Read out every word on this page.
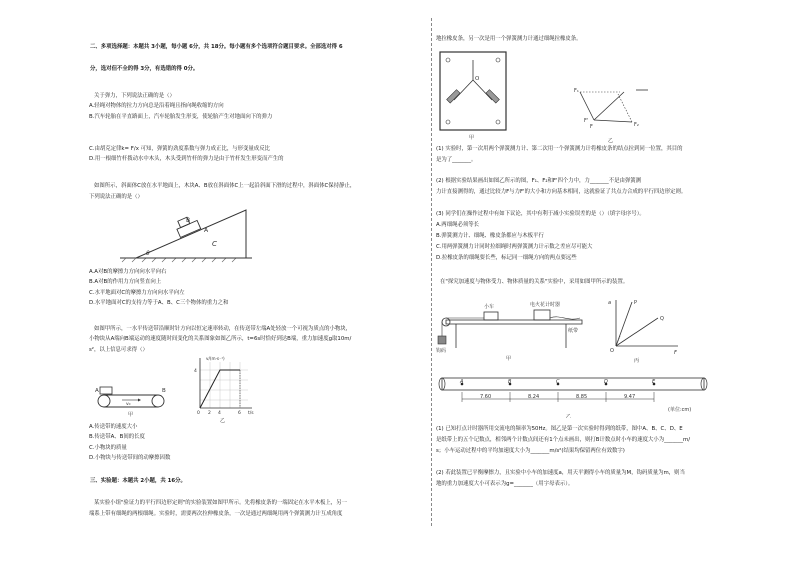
二、多项选择题：本题共 3小题，每小题 6分，共 18分。每小题有多个选项符合题目要求。全部选对得 6
分，选对但不全的得 3分，有选错的得 0分。
关于弹力，下列说法正确的是（）
A.轻绳对物体的拉力方向总是沿着绳且指向绳收缩的方向
B.汽车轮胎在平直路面上，汽车轮胎发生形变，使轮胎产生对地面向下的弹力
C.由胡克定律k= F/x 可知，弹簧的劲度系数与弹力成正比，与形变量成反比
D.用一根细竹杆拨动水中木头，木头受到竹杆的弹力是由于竹杆发生形变而产生的
如图所示，斜面体C放在水平地面上，木块A、B放在斜面体C上一起沿斜面下滑的过程中，斜面体C保持静止，
下列说法正确的是（）
B
A
C
θ
A.A对B的摩擦力方向向水平向右
B.A对B的作用力方向竖直向上
C.水平地面对C的摩擦力方向向水平向左
D.水平地面对C的支持力等于A、B、C三个物体的重力之和
如图甲所示，一水平传送带沿顺时针方向以恒定速率转动，在传送带左端A处轻放一个可视为质点的小物块，
小物块从A端向B端运动的速度随时间变化的关系图象如图乙所示，t=6s时恰好到达B端，重力加速度g取10m/
s²，以上信息可求得（）
A	B
v₀
甲
v/(m·s⁻¹)
4
0 2 4	6 t/s
乙
A.传送带的速度大小
B.传送带A、B间的长度
C.小物块的质量
D.小物块与传送带间的动摩擦因数
三、实验题：本题共 2小题，共 16分。
某实验小组"验证力的平行四边形定则"的实验装置如图甲所示。先将橡皮条的一端固定在水平木板上，另一
端系上带有细绳的两根细绳。实验时，需要两次拉伸橡皮条，一次是通过两细绳用两个弹簧测力计互成角度
地拉橡皮条，另一次是用一个弹簧测力计通过细绳拉橡皮条。
O
甲
F₁
F'
F	F₂
乙
(1) 实验时，第一次用两个弹簧测力计、第二次用一个弹簧测力计将橡皮条的结点拉到同一位置，其目的
是为了_______。
(2) 根据实验结果画出如图乙所示的图，F₁、F₂和F'四个力中，力_______不是由弹簧测
力计直接测得的，通过比较力F与力F'的大小和方向基本相同，这就验证了共点力合成的平行四边形定则。
(3) 同学们在操作过程中有如下议论，其中有利于减小实验误差的是（）（填字母序号）。
A.两细绳必须等长
B.弹簧测力计、细绳、橡皮条都应与木板平行
C.用两弹簧测力计同时拉细绳时两弹簧测力计示数之差应尽可能大
D.拉橡皮条的细绳要长些，标记同一细绳方向的两点要远些
在"探究加速度与物体受力、物体质量的关系"实验中，采用如图甲所示的装置。
小车	电火花计时器
纸带
钩码
甲
a	P
Q
O	F
丙
A	B	C	D	E
7.60	8.24	8.85	9.47
(单位:cm)
乙
(1) 已知打点计时器所用交流电的频率为50Hz。图乙是第一次实验时得到的纸带，图中A、B、C、D、E
是纸带上的五个记数点，相邻两个计数点间还有1个点未画出，则打B计数点时小车的速度大小为_______m/
s；小车运动过程中的平均加速度大小为_______m/s²(结果均保留两位有效数字)
(2) 若此装置已平衡摩擦力，且实验中小车的加速度a，用天平测得小车的质量为M，钩码质量为m，则当
地的重力加速度大小可表示为g=_______（用字母表示）。
